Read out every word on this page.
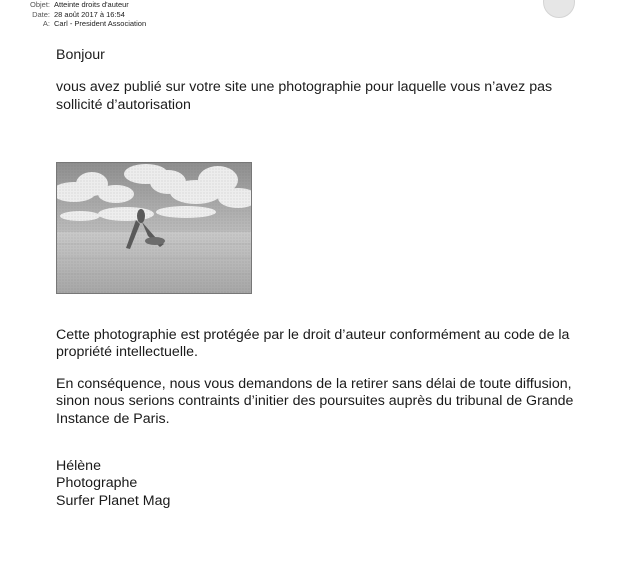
Objet: Atteinte droits d'auteur
Date: 28 août 2017 à 16:54
A: Carl - President Association

Bonjour

vous avez publié sur votre site une photographie pour laquelle vous n’avez pas sollicité d’autorisation

Cette photographie est protégée par le droit d’auteur conformément au code de la propriété intellectuelle.

En conséquence, nous vous demandons de la retirer sans délai de toute diffusion, sinon nous serions contraints d’initier des poursuites auprès du tribunal de Grande Instance de Paris.

Hélène
Photographe
Surfer Planet Mag
